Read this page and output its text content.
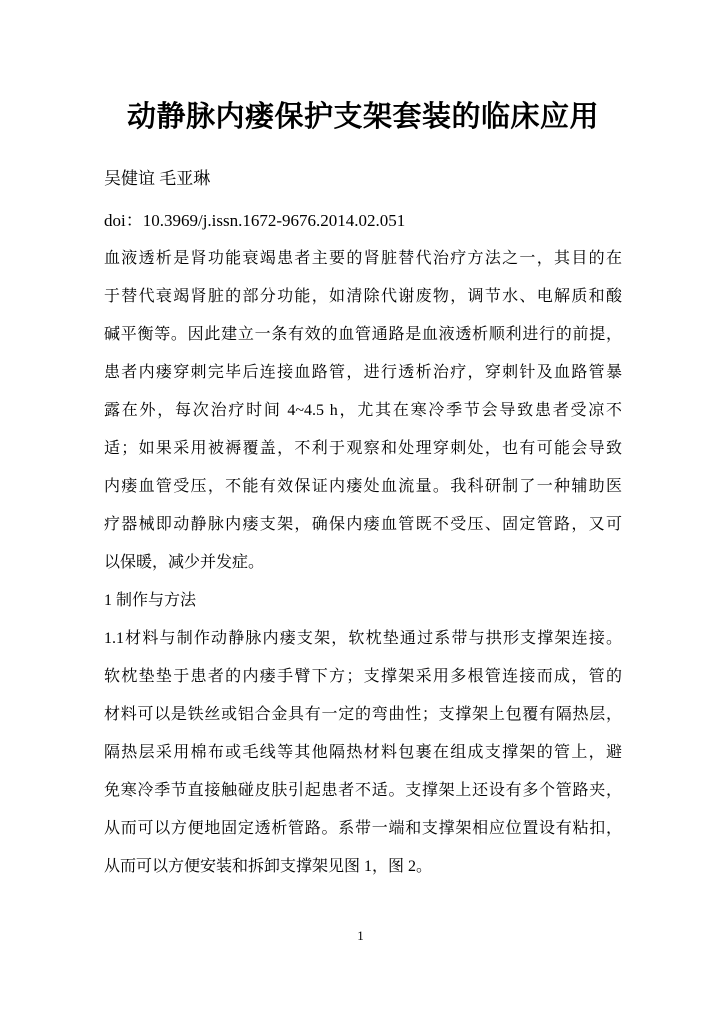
动静脉内瘘保护支架套装的临床应用
吴健谊 毛亚琳
doi：10.3969/j.issn.1672-9676.2014.02.051
血液透析是肾功能衰竭患者主要的肾脏替代治疗方法之一，其目的在
于替代衰竭肾脏的部分功能，如清除代谢废物，调节水、电解质和酸
碱平衡等。因此建立一条有效的血管通路是血液透析顺利进行的前提，
患者内瘘穿刺完毕后连接血路管，进行透析治疗，穿刺针及血路管暴
露在外，每次治疗时间 4~4.5 h，尤其在寒冷季节会导致患者受凉不
适；如果采用被褥覆盖，不利于观察和处理穿刺处，也有可能会导致
内瘘血管受压，不能有效保证内瘘处血流量。我科研制了一种辅助医
疗器械即动静脉内瘘支架，确保内瘘血管既不受压、固定管路，又可
以保暖，减少并发症。
1 制作与方法
1.1材料与制作动静脉内瘘支架，软枕垫通过系带与拱形支撑架连接。
软枕垫垫于患者的内瘘手臂下方；支撑架采用多根管连接而成，管的
材料可以是铁丝或铝合金具有一定的弯曲性；支撑架上包覆有隔热层，
隔热层采用棉布或毛线等其他隔热材料包裹在组成支撑架的管上，避
免寒冷季节直接触碰皮肤引起患者不适。支撑架上还设有多个管路夹，
从而可以方便地固定透析管路。系带一端和支撑架相应位置设有粘扣，
从而可以方便安装和拆卸支撑架见图 1，图 2。
1
